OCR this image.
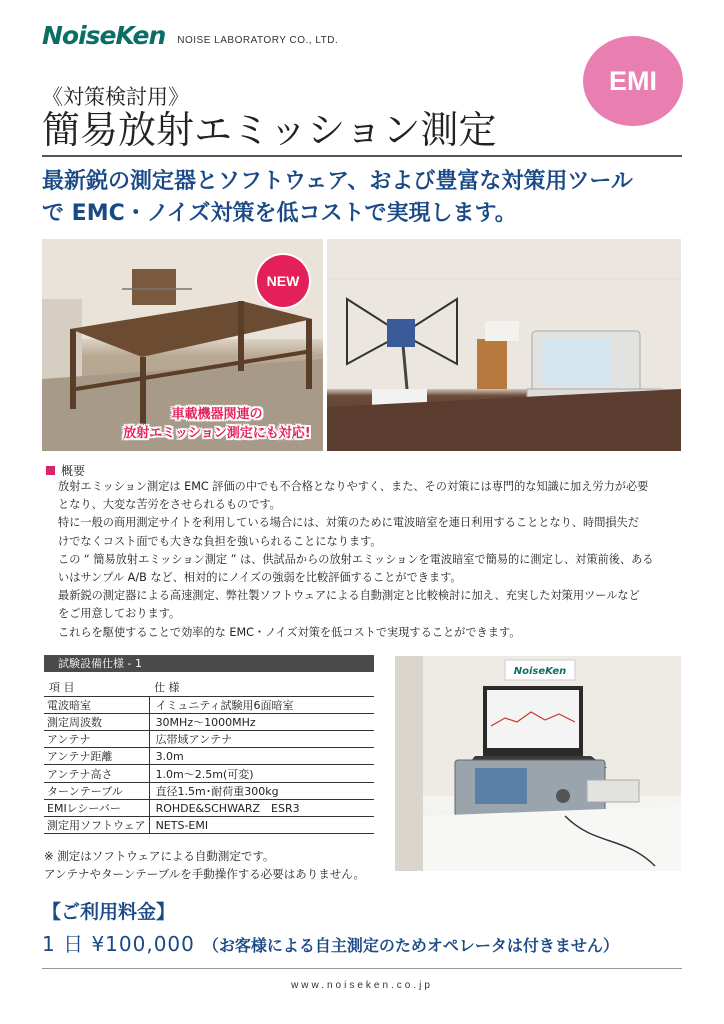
NoiseKen NOISE LABORATORY CO., LTD.
EMI
《対策検討用》
簡易放射エミッション測定
最新鋭の測定器とソフトウェア、および豊富な対策用ツール
で EMC・ノイズ対策を低コストで実現します。
NEW
車載機器関連の
放射エミッション測定にも対応!
概要

放射エミッション測定は EMC 評価の中でも不合格となりやすく、また、その対策には専門的な知識に加え労力が必要

となり、大変な苦労をさせられるものです。

特に一般の商用測定サイトを利用している場合には、対策のために電波暗室を連日利用することとなり、時間損失だ

けでなくコスト面でも大きな負担を強いられることになります。

この “ 簡易放射エミッション測定 ” は、供試品からの放射エミッションを電波暗室で簡易的に測定し、対策前後、ある

いはサンプル A/B など、相対的にノイズの強弱を比較評価することができます。

最新鋭の測定器による高速測定、弊社製ソフトウェアによる自動測定と比較検討に加え、充実した対策用ツールなど

をご用意しております。

これらを駆使することで効率的な EMC・ノイズ対策を低コストで実現することができます。

試験設備仕様 - 1
項 目	仕 様
電波暗室	イミュニティ試験用6面暗室
測定周波数	30MHz〜1000MHz
アンテナ	広帯域アンテナ
アンテナ距離	3.0m
アンテナ高さ	1.0m〜2.5m(可変)
ターンテーブル	直径1.5m･耐荷重300kg
EMIレシーバー	ROHDE&SCHWARZ　ESR3
測定用ソフトウェア	NETS-EMI
※ 測定はソフトウェアによる自動測定です。
アンテナやターンテーブルを手動操作する必要はありません。
NoiseKen
【ご利用料金】
1 日 ¥100,000 （お客様による自主測定のためオペレータは付きません）
www.noiseken.co.jp
